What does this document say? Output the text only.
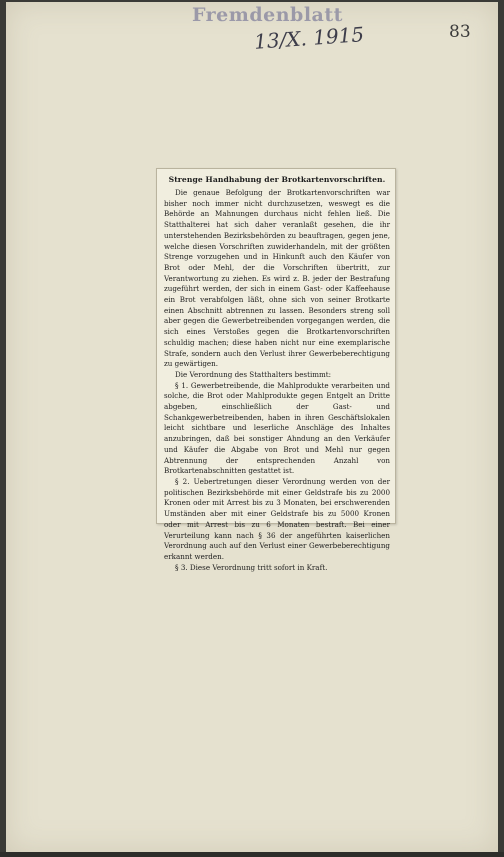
Fremdenblatt
13/X. 1915	83

Strenge Handhabung der Brotkartenvorschriften.

Die genaue Befolgung der Brotkartenvorschriften war bisher noch immer nicht durchzusetzen, weswegt es die Behörde an Mahnungen durchaus nicht fehlen ließ. Die Statthalterei hat sich daher veranlaßt gesehen, die ihr unterstehenden Bezirksbehörden zu beauftragen, gegen jene, welche diesen Vorschriften zuwiderhandeln, mit der größten Strenge vorzugehen und in Hinkunft auch den Käufer von Brot oder Mehl, der die Vorschriften übertritt, zur Verantwortung zu ziehen. Es wird z. B. jeder der Bestrafung zugeführt werden, der sich in einem Gast- oder Kaffeehause ein Brot verabfolgen läßt, ohne sich von seiner Brotkarte einen Abschnitt abtrennen zu lassen. Besonders streng soll aber gegen die Gewerbetreibenden vorgegangen werden, die sich eines Verstoßes gegen die Brotkartenvorschriften schuldig machen; diese haben nicht nur eine exemplarische Strafe, sondern auch den Verlust ihrer Gewerbeberechtigung zu gewärtigen.

Die Verordnung des Statthalters bestimmt:

§ 1. Gewerbetreibende, die Mahlprodukte verarbeiten und solche, die Brot oder Mahlprodukte gegen Entgelt an Dritte abgeben, einschließlich der Gast- und Schankgewerbetreibenden, haben in ihren Geschäftslokalen leicht sichtbare und leserliche Anschläge des Inhaltes anzubringen, daß bei sonstiger Ahndung an den Verkäufer und Käufer die Abgabe von Brot und Mehl nur gegen Abtrennung der entsprechenden Anzahl von Brotkartenabschnitten gestattet ist.

§ 2. Uebertretungen dieser Verordnung werden von der politischen Bezirksbehörde mit einer Geldstrafe bis zu 2000 Kronen oder mit Arrest bis zu 3 Monaten, bei erschwerenden Umständen aber mit einer Geldstrafe bis zu 5000 Kronen oder mit Arrest bis zu 6 Monaten bestraft. Bei einer Verurteilung kann nach § 36 der angeführten kaiserlichen Verordnung auch auf den Verlust einer Gewerbeberechtigung erkannt werden.

§ 3. Diese Verordnung tritt sofort in Kraft.
